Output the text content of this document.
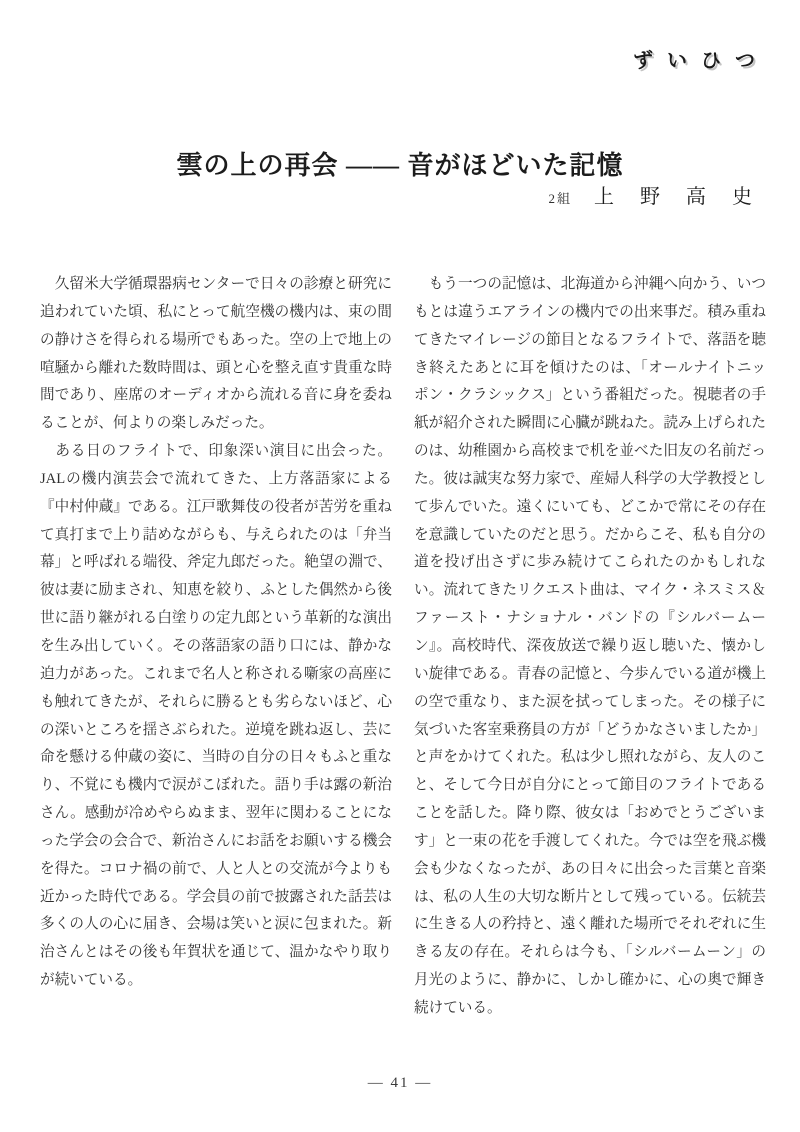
ずいひつ
雲の上の再会 ―― 音がほどいた記憶
2組 上　野　高　史

　久留米大学循環器病センターで日々の診療と研究に追われていた頃、私にとって航空機の機内は、束の間の静けさを得られる場所でもあった。空の上で地上の喧騒から離れた数時間は、頭と心を整え直す貴重な時間であり、座席のオーディオから流れる音に身を委ねることが、何よりの楽しみだった。

　ある日のフライトで、印象深い演目に出会った。JALの機内演芸会で流れてきた、上方落語家による『中村仲蔵』である。江戸歌舞伎の役者が苦労を重ねて真打まで上り詰めながらも、与えられたのは「弁当幕」と呼ばれる端役、斧定九郎だった。絶望の淵で、彼は妻に励まされ、知恵を絞り、ふとした偶然から後世に語り継がれる白塗りの定九郎という革新的な演出を生み出していく。その落語家の語り口には、静かな迫力があった。これまで名人と称される噺家の高座にも触れてきたが、それらに勝るとも劣らないほど、心の深いところを揺さぶられた。逆境を跳ね返し、芸に命を懸ける仲蔵の姿に、当時の自分の日々もふと重なり、不覚にも機内で涙がこぼれた。語り手は露の新治さん。感動が冷めやらぬまま、翌年に関わることになった学会の会合で、新治さんにお話をお願いする機会を得た。コロナ禍の前で、人と人との交流が今よりも近かった時代である。学会員の前で披露された話芸は多くの人の心に届き、会場は笑いと涙に包まれた。新治さんとはその後も年賀状を通じて、温かなやり取りが続いている。

　もう一つの記憶は、北海道から沖縄へ向かう、いつもとは違うエアラインの機内での出来事だ。積み重ねてきたマイレージの節目となるフライトで、落語を聴き終えたあとに耳を傾けたのは、「オールナイトニッポン・クラシックス」という番組だった。視聴者の手紙が紹介された瞬間に心臓が跳ねた。読み上げられたのは、幼稚園から高校まで机を並べた旧友の名前だった。彼は誠実な努力家で、産婦人科学の大学教授として歩んでいた。遠くにいても、どこかで常にその存在を意識していたのだと思う。だからこそ、私も自分の道を投げ出さずに歩み続けてこられたのかもしれない。流れてきたリクエスト曲は、マイク・ネスミス＆ファースト・ナショナル・バンドの『シルバームーン』。高校時代、深夜放送で繰り返し聴いた、懐かしい旋律である。青春の記憶と、今歩んでいる道が機上の空で重なり、また涙を拭ってしまった。その様子に気づいた客室乗務員の方が「どうかなさいましたか」と声をかけてくれた。私は少し照れながら、友人のこと、そして今日が自分にとって節目のフライトであることを話した。降り際、彼女は「おめでとうございます」と一束の花を手渡してくれた。今では空を飛ぶ機会も少なくなったが、あの日々に出会った言葉と音楽は、私の人生の大切な断片として残っている。伝統芸に生きる人の矜持と、遠く離れた場所でそれぞれに生きる友の存在。それらは今も、「シルバームーン」の月光のように、静かに、しかし確かに、心の奥で輝き続けている。

― 41 ―
